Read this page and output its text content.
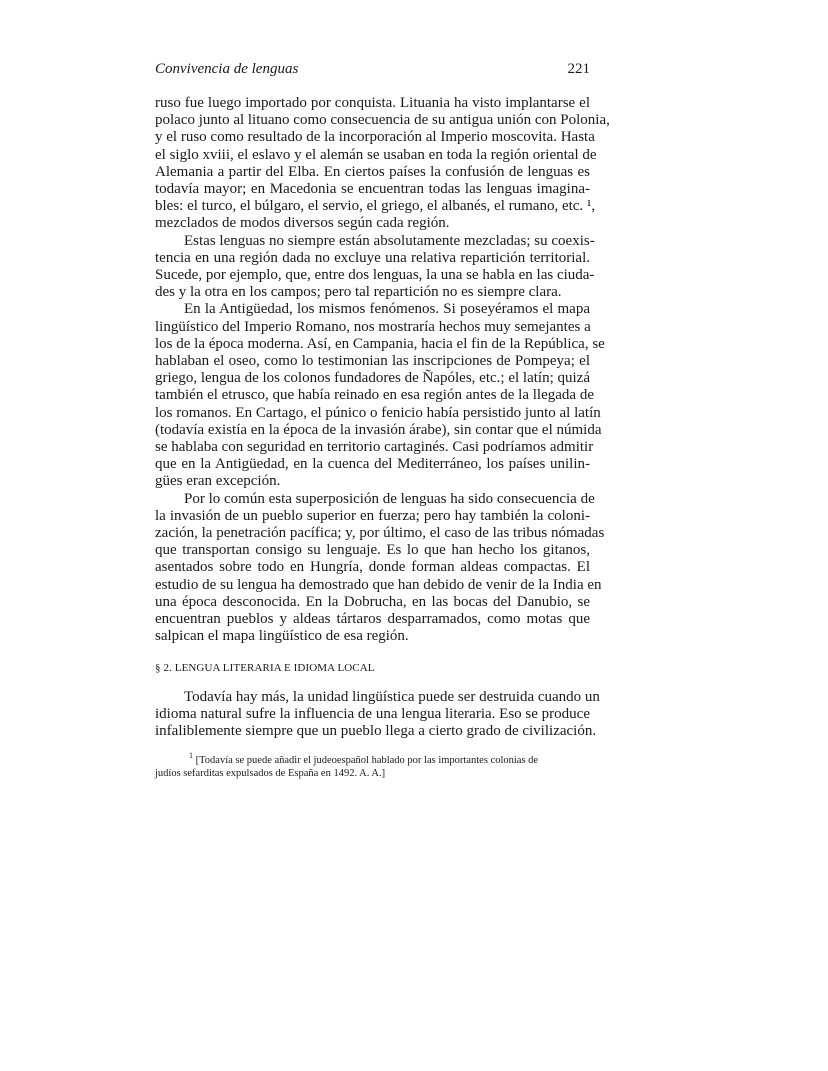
Convivencia de lenguas	221
ruso fue luego importado por conquista. Lituania ha visto implantarse el
polaco junto al lituano como consecuencia de su antigua unión con Polonia,
y el ruso como resultado de la incorporación al Imperio moscovita. Hasta
el siglo xviii, el eslavo y el alemán se usaban en toda la región oriental de
Alemania a partir del Elba. En ciertos países la confusión de lenguas es
todavía mayor; en Macedonia se encuentran todas las lenguas imagina-
bles: el turco, el búlgaro, el servio, el griego, el albanés, el rumano, etc. ¹,
mezclados de modos diversos según cada región.
Estas lenguas no siempre están absolutamente mezcladas; su coexis-
tencia en una región dada no excluye una relativa repartición territorial.
Sucede, por ejemplo, que, entre dos lenguas, la una se habla en las ciuda-
des y la otra en los campos; pero tal repartición no es siempre clara.
En la Antigüedad, los mismos fenómenos. Si poseyéramos el mapa
lingüístico del Imperio Romano, nos mostraría hechos muy semejantes a
los de la época moderna. Así, en Campania, hacia el fin de la República, se
hablaban el oseo, como lo testimonian las inscripciones de Pompeya; el
griego, lengua de los colonos fundadores de Ñapóles, etc.; el latín; quizá
también el etrusco, que había reinado en esa región antes de la llegada de
los romanos. En Cartago, el púnico o fenicio había persistido junto al latín
(todavía existía en la época de la invasión árabe), sin contar que el númida
se hablaba con seguridad en territorio cartaginés. Casi podríamos admitir
que en la Antigüedad, en la cuenca del Mediterráneo, los países unilin-
gües eran excepción.
Por lo común esta superposición de lenguas ha sido consecuencia de
la invasión de un pueblo superior en fuerza; pero hay también la coloni-
zación, la penetración pacífica; y, por último, el caso de las tribus nómadas
que transportan consigo su lenguaje. Es lo que han hecho los gitanos,
asentados sobre todo en Hungría, donde forman aldeas compactas. El
estudio de su lengua ha demostrado que han debido de venir de la India en
una época desconocida. En la Dobrucha, en las bocas del Danubio, se
encuentran pueblos y aldeas tártaros desparramados, como motas que
salpican el mapa lingüístico de esa región.
§ 2. LENGUA LITERARIA E IDIOMA LOCAL
Todavía hay más, la unidad lingüística puede ser destruida cuando un
idioma natural sufre la influencia de una lengua literaria. Eso se produce
infaliblemente siempre que un pueblo llega a cierto grado de civilización.
$^1$ [Todavía se puede añadir el judeoespañol hablado por las importantes colonias de
judíos sefarditas expulsados de España en 1492. A. A.]
